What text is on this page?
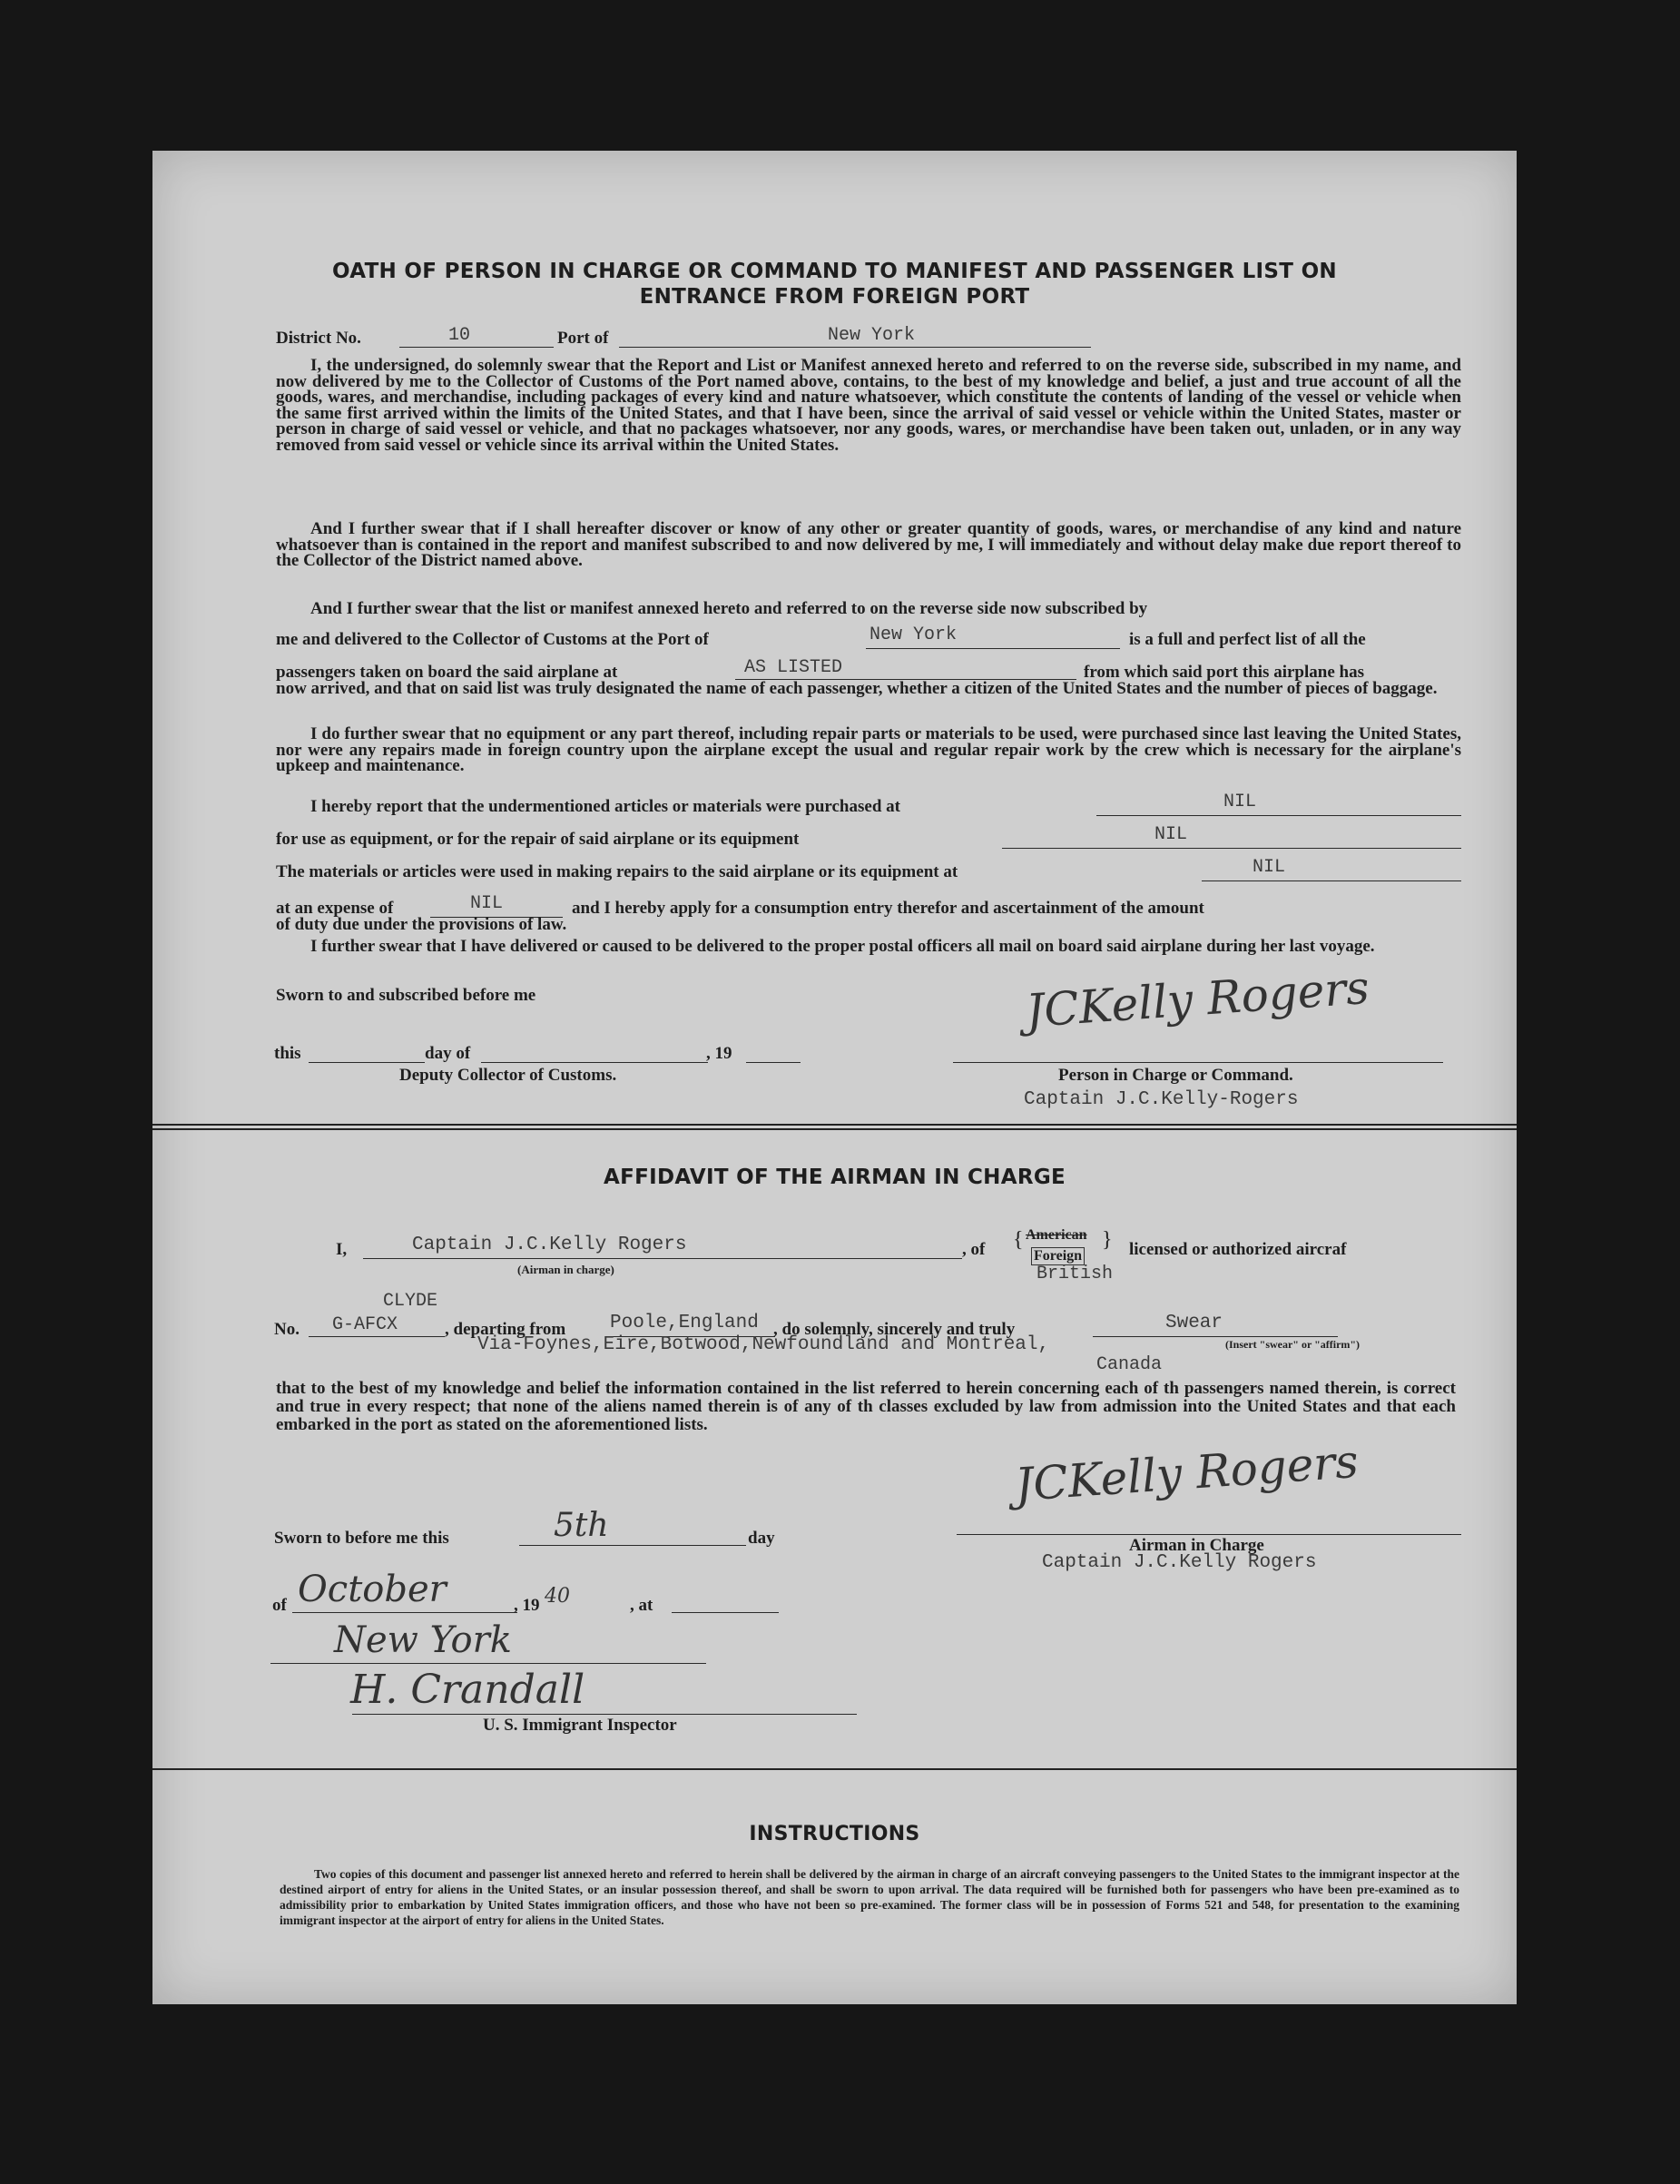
OATH OF PERSON IN CHARGE OR COMMAND TO MANIFEST AND PASSENGER LIST ON
ENTRANCE FROM FOREIGN PORT
District No.	10	Port of	New York
I, the undersigned, do solemnly swear that the Report and List or Manifest annexed hereto and referred to on the reverse side, subscribed in my name, and now delivered by me to the Collector of Customs of the Port named above, contains, to the best of my knowledge and belief, a just and true account of all the goods, wares, and merchandise, including packages of every kind and nature whatsoever, which constitute the contents of landing of the vessel or vehicle when the same first arrived within the limits of the United States, and that I have been, since the arrival of said vessel or vehicle within the United States, master or person in charge of said vessel or vehicle, and that no packages whatsoever, nor any goods, wares, or merchandise have been taken out, unladen, or in any way removed from said vessel or vehicle since its arrival within the United States.
And I further swear that if I shall hereafter discover or know of any other or greater quantity of goods, wares, or merchandise of any kind and nature whatsoever than is contained in the report and manifest subscribed to and now delivered by me, I will immediately and without delay make due report thereof to the Collector of the District named above.
And I further swear that the list or manifest annexed hereto and referred to on the reverse side now subscribed by
me and delivered to the Collector of Customs at the Port of	New York	is a full and perfect list of all the
passengers taken on board the said airplane at	AS LISTED	from which said port this airplane has
now arrived, and that on said list was truly designated the name of each passenger, whether a citizen of the United States and the number of pieces of baggage.
I do further swear that no equipment or any part thereof, including repair parts or materials to be used, were purchased since last leaving the United States, nor were any repairs made in foreign country upon the airplane except the usual and regular repair work by the crew which is necessary for the airplane's upkeep and maintenance.
I hereby report that the undermentioned articles or materials were purchased at	NIL
for use as equipment, or for the repair of said airplane or its equipment	NIL
The materials or articles were used in making repairs to the said airplane or its equipment at	NIL
at an expense of	NIL	and I hereby apply for a consumption entry therefor and ascertainment of the amount
of duty due under the provisions of law.
I further swear that I have delivered or caused to be delivered to the proper postal officers all mail on board said airplane during her last voyage.
Sworn to and subscribed before me
this	day of	, 19
Deputy Collector of Customs.
JCKelly Rogers
Person in Charge or Command.
Captain J.C.Kelly-Rogers
AFFIDAVIT OF THE AIRMAN IN CHARGE
I,	Captain J.C.Kelly Rogers
(Airman in charge)
, of { American
Foreign
}
British
licensed or authorized aircraf
CLYDE
No. G-AFCX	, departing from Poole,England , do solemnly, sincerely and truly	Swear
(Insert "swear" or "affirm")
Via-Foynes,Eire,Botwood,Newfoundland and Montreal,
Canada
that to the best of my knowledge and belief the information contained in the list referred to herein concerning each of th passengers named therein, is correct and true in every respect; that none of the aliens named therein is of any of th classes excluded by law from admission into the United States and that each embarked in the port as stated on the aforementioned lists.
JCKelly Rogers
Airman in Charge
Captain J.C.Kelly Rogers
Sworn to before me this	5th	day
of October	, 19 40	, at
New York
H. Crandall
U. S. Immigrant Inspector
INSTRUCTIONS
Two copies of this document and passenger list annexed hereto and referred to herein shall be delivered by the airman in charge of an aircraft conveying passengers to the United States to the immigrant inspector at the destined airport of entry for aliens in the United States, or an insular possession thereof, and shall be sworn to upon arrival. The data required will be furnished both for passengers who have been pre-examined as to admissibility prior to embarkation by United States immigration officers, and those who have not been so pre-examined. The former class will be in possession of Forms 521 and 548, for presentation to the examining immigrant inspector at the airport of entry for aliens in the United States.
